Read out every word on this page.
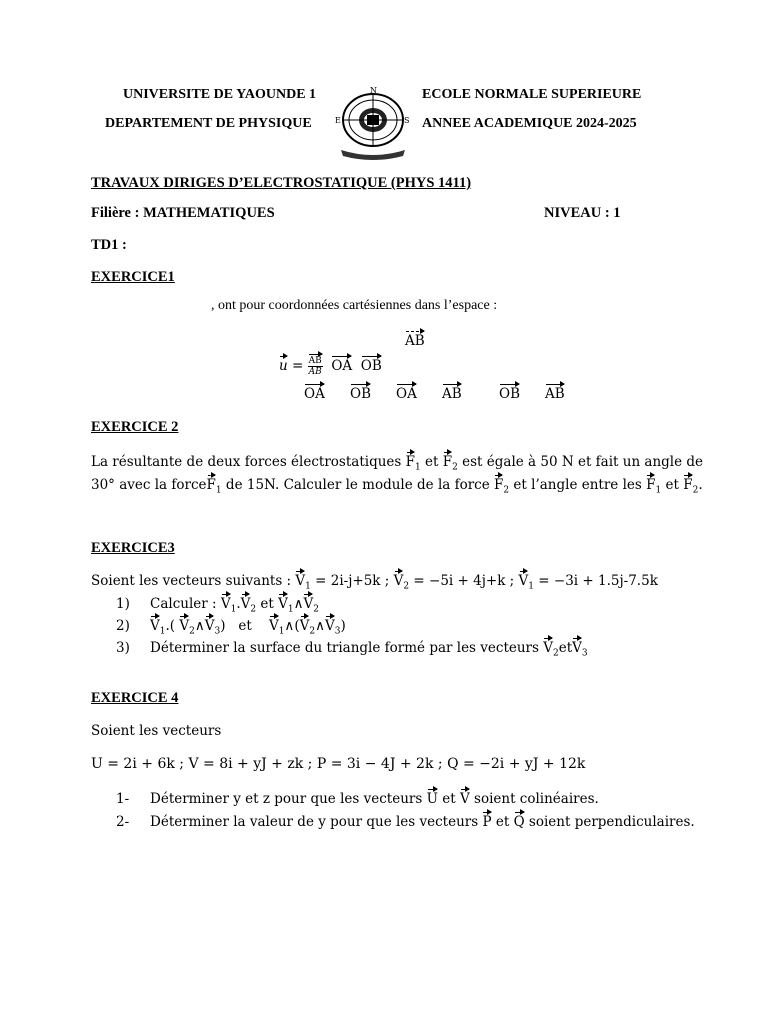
UNIVERSITE DE YAOUNDE 1
DEPARTEMENT DE PHYSIQUE
ECOLE NORMALE SUPERIEURE
ANNEE ACADEMIQUE 2024-2025
N
E	S
TRAVAUX DIRIGES D’ELECTROSTATIQUE (PHYS 1411)
Filière : MATHEMATIQUES	NIVEAU : 1
TD1 :
EXERCICE1
, ont pour coordonnées cartésiennes dans l’espace :
AB
$u = \frac{AB}{AB}$ OA OB
OA OB OA AB	OB AB
EXERCICE 2
La résultante de deux forces électrostatiques $F_1$ et $F_2$ est égale à 50 N et fait un angle de
30° avec la forceF$_1$ de 15N. Calculer le module de la force $F_2$ et l’angle entre les $F_1$ et $F_2$.
EXERCICE3
Soient les vecteurs suivants : $V_1 = 2i-j+5k$ ; $V_2 = -5i + 4j+k$ ; $V_1 = -3i + 1.5j-7.5k$
1) Calculer : $V_1.V_2$ et $V_1\wedge V_2$
2) $V_1$.( $V_2\wedge V_3$)   et    $V_1\wedge(V_2\wedge V_3)$
3) Déterminer la surface du triangle formé par les vecteurs $V_2etV_3$
EXERCICE 4
Soient les vecteurs
U = 2i + 6k ; V = 8i + yJ + zk ; P = 3i − 4J + 2k ; Q = −2i + yJ + 12k
1- Déterminer y et z pour que les vecteurs U et V soient colinéaires.
2- Déterminer la valeur de y pour que les vecteurs P et Q soient perpendiculaires.
